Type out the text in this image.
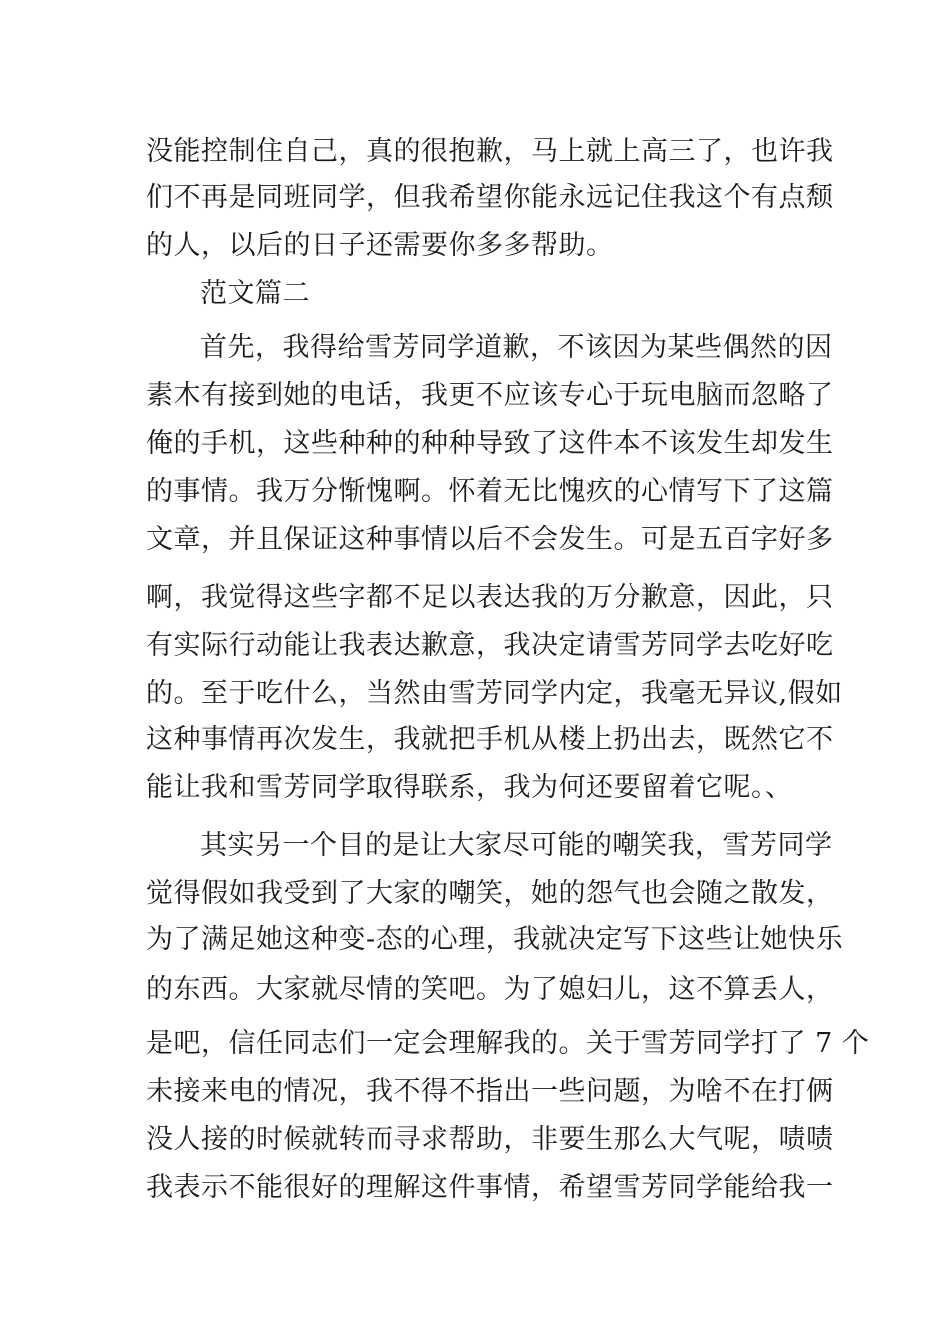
没能控制住自己，真的很抱歉，马上就上高三了，也许我
们不再是同班同学，但我希望你能永远记住我这个有点颓
的人，以后的日子还需要你多多帮助。
范文篇二
首先，我得给雪芳同学道歉，不该因为某些偶然的因
素木有接到她的电话，我更不应该专心于玩电脑而忽略了
俺的手机，这些种种的种种导致了这件本不该发生却发生
的事情。我万分惭愧啊。怀着无比愧疚的心情写下了这篇
文章，并且保证这种事情以后不会发生。可是五百字好多
啊，我觉得这些字都不足以表达我的万分歉意，因此，只
有实际行动能让我表达歉意，我决定请雪芳同学去吃好吃
的。至于吃什么，当然由雪芳同学内定，我毫无异议,假如
这种事情再次发生，我就把手机从楼上扔出去，既然它不
能让我和雪芳同学取得联系，我为何还要留着它呢。、
其实另一个目的是让大家尽可能的嘲笑我，雪芳同学
觉得假如我受到了大家的嘲笑，她的怨气也会随之散发，
为了满足她这种变-态的心理，我就决定写下这些让她快乐
的东西。大家就尽情的笑吧。为了媳妇儿，这不算丢人，
是吧，信任同志们一定会理解我的。关于雪芳同学打了 7 个
未接来电的情况，我不得不指出一些问题，为啥不在打俩
没人接的时候就转而寻求帮助，非要生那么大气呢，啧啧
我表示不能很好的理解这件事情，希望雪芳同学能给我一
